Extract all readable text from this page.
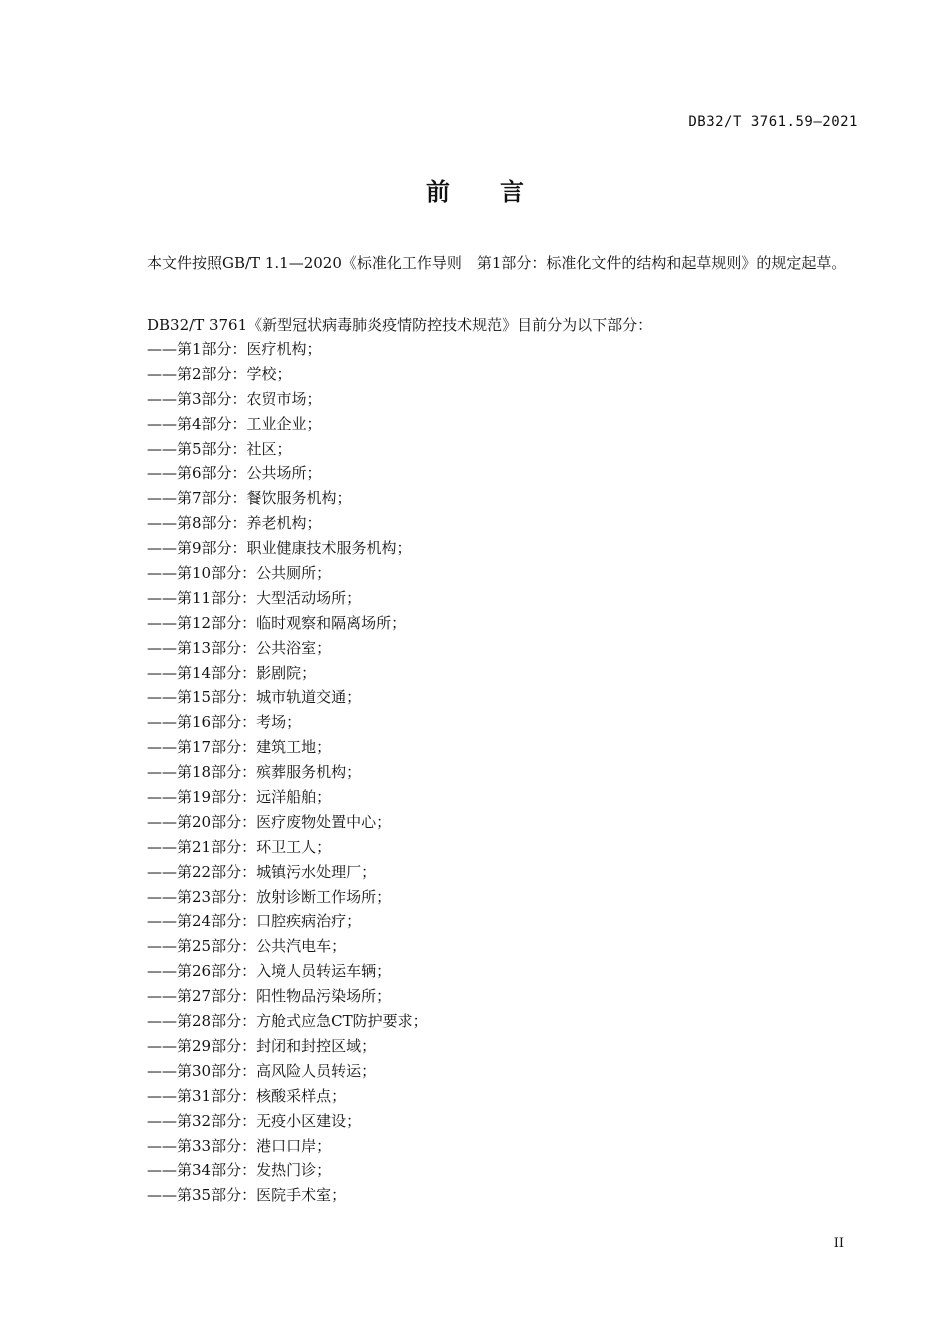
DB32/T 3761.59—2021
前言
本文件按照GB/T 1.1—2020《标准化工作导则　第1部分：标准化文件的结构和起草规则》的规定起草。
DB32/T 3761《新型冠状病毒肺炎疫情防控技术规范》目前分为以下部分：
——第1部分：医疗机构；
——第2部分：学校；
——第3部分：农贸市场；
——第4部分：工业企业；
——第5部分：社区；
——第6部分：公共场所；
——第7部分：餐饮服务机构；
——第8部分：养老机构；
——第9部分：职业健康技术服务机构；
——第10部分：公共厕所；
——第11部分：大型活动场所；
——第12部分：临时观察和隔离场所；
——第13部分：公共浴室；
——第14部分：影剧院；
——第15部分：城市轨道交通；
——第16部分：考场；
——第17部分：建筑工地；
——第18部分：殡葬服务机构；
——第19部分：远洋船舶；
——第20部分：医疗废物处置中心；
——第21部分：环卫工人；
——第22部分：城镇污水处理厂；
——第23部分：放射诊断工作场所；
——第24部分：口腔疾病治疗；
——第25部分：公共汽电车；
——第26部分：入境人员转运车辆；
——第27部分：阳性物品污染场所；
——第28部分：方舱式应急CT防护要求；
——第29部分：封闭和封控区域；
——第30部分：高风险人员转运；
——第31部分：核酸采样点；
——第32部分：无疫小区建设；
——第33部分：港口口岸；
——第34部分：发热门诊；
——第35部分：医院手术室；
II
